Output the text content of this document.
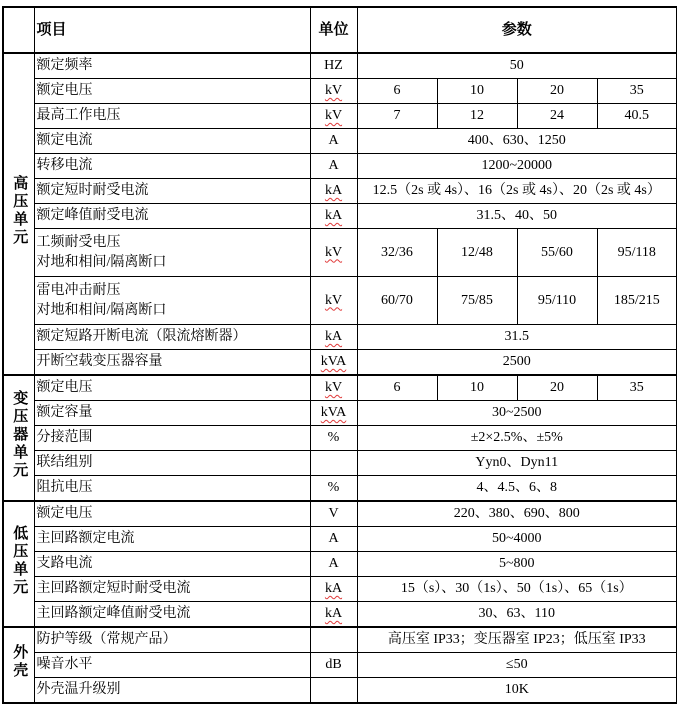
	项目	单位	参数			
高压单元	额定频率	HZ	50			

	额定电压	kV	6	10	20	35

	最高工作电压	kV	7	12	24	40.5

	额定电流	A	400、630、1250			

	转移电流	A	1200~20000			

	额定短时耐受电流	kA	12.5（2s 或 4s）、16（2s 或 4s）、20（2s 或 4s）			

	额定峰值耐受电流	kA	31.5、40、50			

	工频耐受电压
对地和相间/隔离断口	kV	32/36	12/48	55/60	95/118

	雷电冲击耐压
对地和相间/隔离断口	kV	60/70	75/85	95/110	185/215

	额定短路开断电流（限流熔断器）	kA	31.5			

	开断空载变压器容量	kVA	2500			
变压器单元	额定电压	kV	6	10	20	35

	额定容量	kVA	30~2500			

	分接范围	%	±2×2.5%、±5%			

	联结组别		Yyn0、Dyn11			

	阻抗电压	%	4、4.5、6、8			
低压单元	额定电压	V	220、380、690、800			

	主回路额定电流	A	50~4000			

	支路电流	A	5~800			

	主回路额定短时耐受电流	kA	15（s）、30（1s）、50（1s）、65（1s）			

	主回路额定峰值耐受电流	kA	30、63、110			
外壳	防护等级（常规产品）		高压室 IP33；变压器室 IP23；低压室 IP33			

	噪音水平	dB	≤50			

	外壳温升级别		10K			
